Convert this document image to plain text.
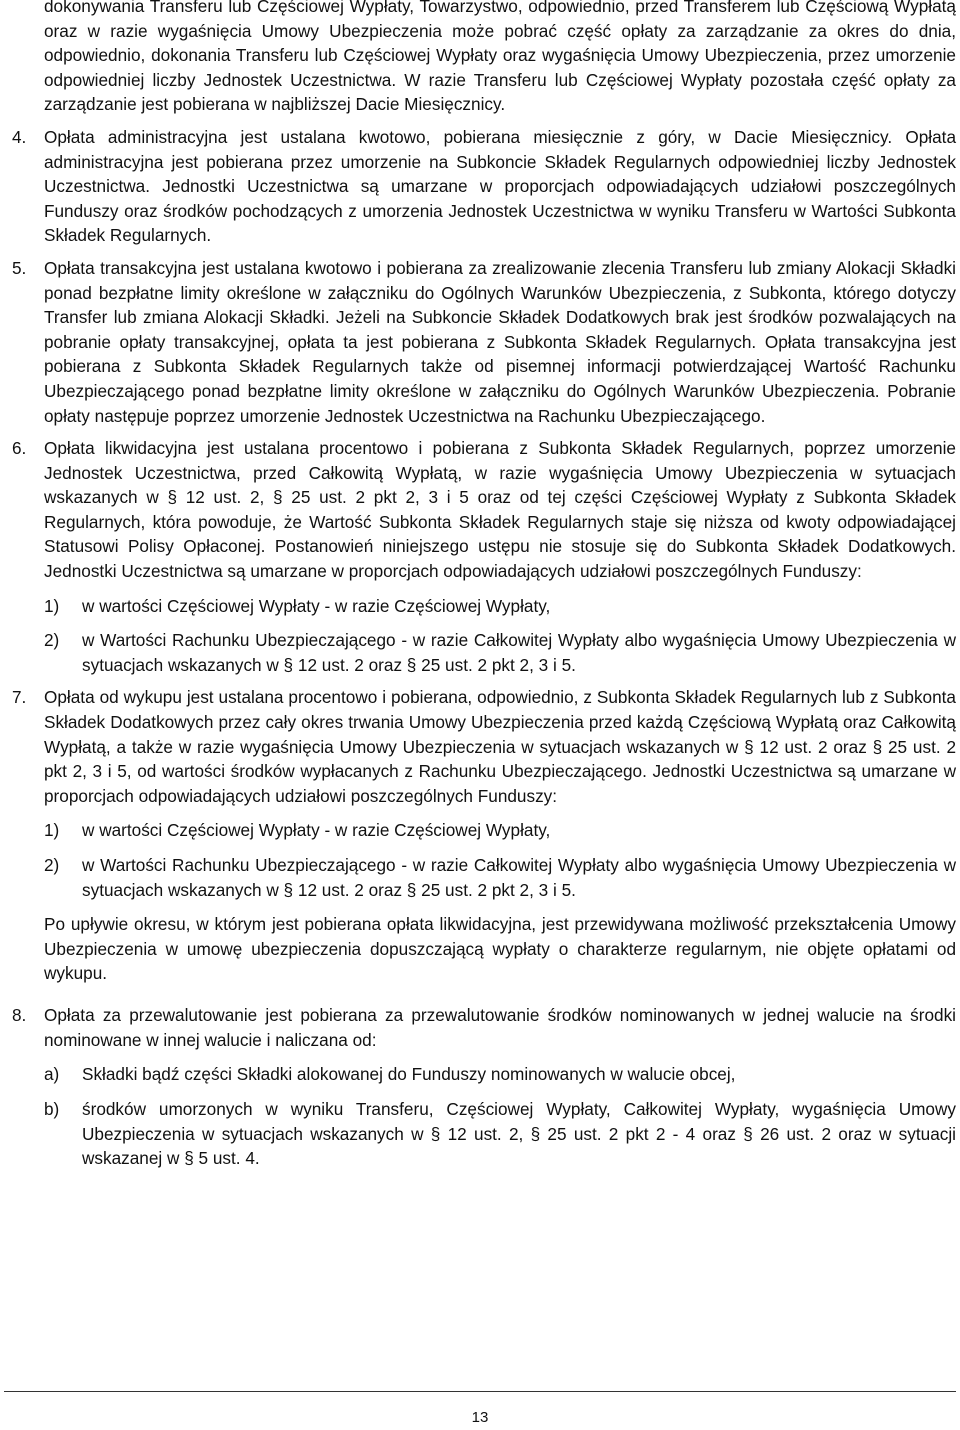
dokonywania Transferu lub Częściowej Wypłaty, Towarzystwo, odpowiednio, przed Transferem lub Częściową Wypłatą oraz w razie wygaśnięcia Umowy Ubezpieczenia może pobrać część opłaty za zarządzanie za okres do dnia, odpowiednio, dokonania Transferu lub Częściowej Wypłaty oraz wygaśnięcia Umowy Ubezpieczenia, przez umorzenie odpowiedniej liczby Jednostek Uczestnictwa. W razie Transferu lub Częściowej Wypłaty pozostała część opłaty za zarządzanie jest pobierana w najbliższej Dacie Miesięcznicy.

4.	Opłata administracyjna jest ustalana kwotowo, pobierana miesięcznie z góry, w Dacie Miesięcznicy. Opłata administracyjna jest pobierana przez umorzenie na Subkoncie Składek Regularnych odpowiedniej liczby Jednostek Uczestnictwa. Jednostki Uczestnictwa są umarzane w proporcjach odpowiadających udziałowi poszczególnych Funduszy oraz środków pochodzących z umorzenia Jednostek Uczestnictwa w wyniku Transferu w Wartości Subkonta Składek Regularnych.
5.	Opłata transakcyjna jest ustalana kwotowo i pobierana za zrealizowanie zlecenia Transferu lub zmiany Alokacji Składki ponad bezpłatne limity określone w załączniku do Ogólnych Warunków Ubezpieczenia, z Subkonta, którego dotyczy Transfer lub zmiana Alokacji Składki. Jeżeli na Subkoncie Składek Dodatkowych brak jest środków pozwalających na pobranie opłaty transakcyjnej, opłata ta jest pobierana z Subkonta Składek Regularnych. Opłata transakcyjna jest pobierana z Subkonta Składek Regularnych także od pisemnej informacji potwierdzającej Wartość Rachunku Ubezpieczającego ponad bezpłatne limity określone w załączniku do Ogólnych Warunków Ubezpieczenia. Pobranie opłaty następuje poprzez umorzenie Jednostek Uczestnictwa na Rachunku Ubezpieczającego.
6.	Opłata likwidacyjna jest ustalana procentowo i pobierana z Subkonta Składek Regularnych, poprzez umorzenie Jednostek Uczestnictwa, przed Całkowitą Wypłatą, w razie wygaśnięcia Umowy Ubezpieczenia w sytuacjach wskazanych w § 12 ust. 2, § 25 ust. 2 pkt 2, 3 i 5 oraz od tej części Częściowej Wypłaty z Subkonta Składek Regularnych, która powoduje, że Wartość Subkonta Składek Regularnych staje się niższa od kwoty odpowiadającej Statusowi Polisy Opłaconej. Postanowień niniejszego ustępu nie stosuje się do Subkonta Składek Dodatkowych. Jednostki Uczestnictwa są umarzane w proporcjach odpowiadających udziałowi poszczególnych Funduszy:
1)	w wartości Częściowej Wypłaty - w razie Częściowej Wypłaty,
2)	w Wartości Rachunku Ubezpieczającego - w razie Całkowitej Wypłaty albo wygaśnięcia Umowy Ubezpieczenia w sytuacjach wskazanych w § 12 ust. 2 oraz § 25 ust. 2 pkt 2, 3 i 5.
7.	Opłata od wykupu jest ustalana procentowo i pobierana, odpowiednio, z Subkonta Składek Regularnych lub z Subkonta Składek Dodatkowych przez cały okres trwania Umowy Ubezpieczenia przed każdą Częściową Wypłatą oraz Całkowitą Wypłatą, a także w razie wygaśnięcia Umowy Ubezpieczenia w sytuacjach wskazanych w § 12 ust. 2 oraz § 25 ust. 2 pkt 2, 3 i 5, od wartości środków wypłacanych z Rachunku Ubezpieczającego. Jednostki Uczestnictwa są umarzane w proporcjach odpowiadających udziałowi poszczególnych Funduszy:
1)	w wartości Częściowej Wypłaty - w razie Częściowej Wypłaty,
2)	w Wartości Rachunku Ubezpieczającego - w razie Całkowitej Wypłaty albo wygaśnięcia Umowy Ubezpieczenia w sytuacjach wskazanych w § 12 ust. 2 oraz § 25 ust. 2 pkt 2, 3 i 5.

Po upływie okresu, w którym jest pobierana opłata likwidacyjna, jest przewidywana możliwość przekształcenia Umowy Ubezpieczenia w umowę ubezpieczenia dopuszczającą wypłaty o charakterze regularnym, nie objęte opłatami od wykupu.

8.	Opłata za przewalutowanie jest pobierana za przewalutowanie środków nominowanych w jednej walucie na środki nominowane w innej walucie i naliczana od:
a)	Składki bądź części Składki alokowanej do Funduszy nominowanych w walucie obcej,
b)	środków umorzonych w wyniku Transferu, Częściowej Wypłaty, Całkowitej Wypłaty, wygaśnięcia Umowy Ubezpieczenia w sytuacjach wskazanych w § 12 ust. 2, § 25 ust. 2 pkt 2 - 4 oraz § 26 ust. 2 oraz w sytuacji wskazanej w § 5 ust. 4.
13
